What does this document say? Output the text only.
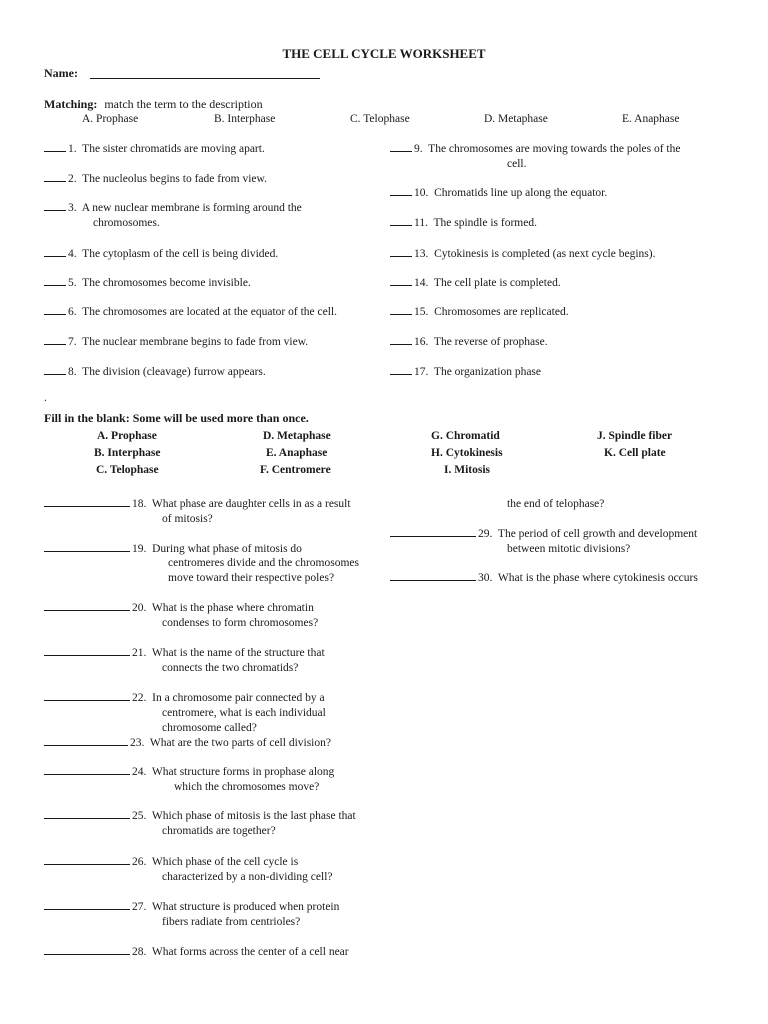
THE CELL CYCLE WORKSHEET
Name:
Matching: match the term to the description
A. Prophase	B. Interphase	C. Telophase	D. Metaphase	E. Anaphase
1. The sister chromatids are moving apart.
2. The nucleolus begins to fade from view.
3. A new nuclear membrane is forming around the
chromosomes.
4. The cytoplasm of the cell is being divided.
5. The chromosomes become invisible.
6. The chromosomes are located at the equator of the cell.
7. The nuclear membrane begins to fade from view.
8. The division (cleavage) furrow appears.
9. The chromosomes are moving towards the poles of the
cell.
10. Chromatids line up along the equator.
11. The spindle is formed.
13. Cytokinesis is completed (as next cycle begins).
14. The cell plate is completed.
15. Chromosomes are replicated.
16. The reverse of prophase.
17. The organization phase
.
Fill in the blank: Some will be used more than once.
A. Prophase	D. Metaphase	G. Chromatid	J. Spindle fiber
B. Interphase	E. Anaphase	H. Cytokinesis	K. Cell plate
C. Telophase	F. Centromere	I. Mitosis
18. What phase are daughter cells in as a result
of mitosis?
19. During what phase of mitosis do
centromeres divide and the chromosomes
move toward their respective poles?
20. What is the phase where chromatin
condenses to form chromosomes?
21. What is the name of the structure that
connects the two chromatids?
22. In a chromosome pair connected by a
centromere, what is each individual
chromosome called?
23. What are the two parts of cell division?
24. What structure forms in prophase along
which the chromosomes move?
25. Which phase of mitosis is the last phase that
chromatids are together?
26. Which phase of the cell cycle is
characterized by a non-dividing cell?
27. What structure is produced when protein
fibers radiate from centrioles?
28. What forms across the center of a cell near
the end of telophase?
29. The period of cell growth and development
between mitotic divisions?
30. What is the phase where cytokinesis occurs
